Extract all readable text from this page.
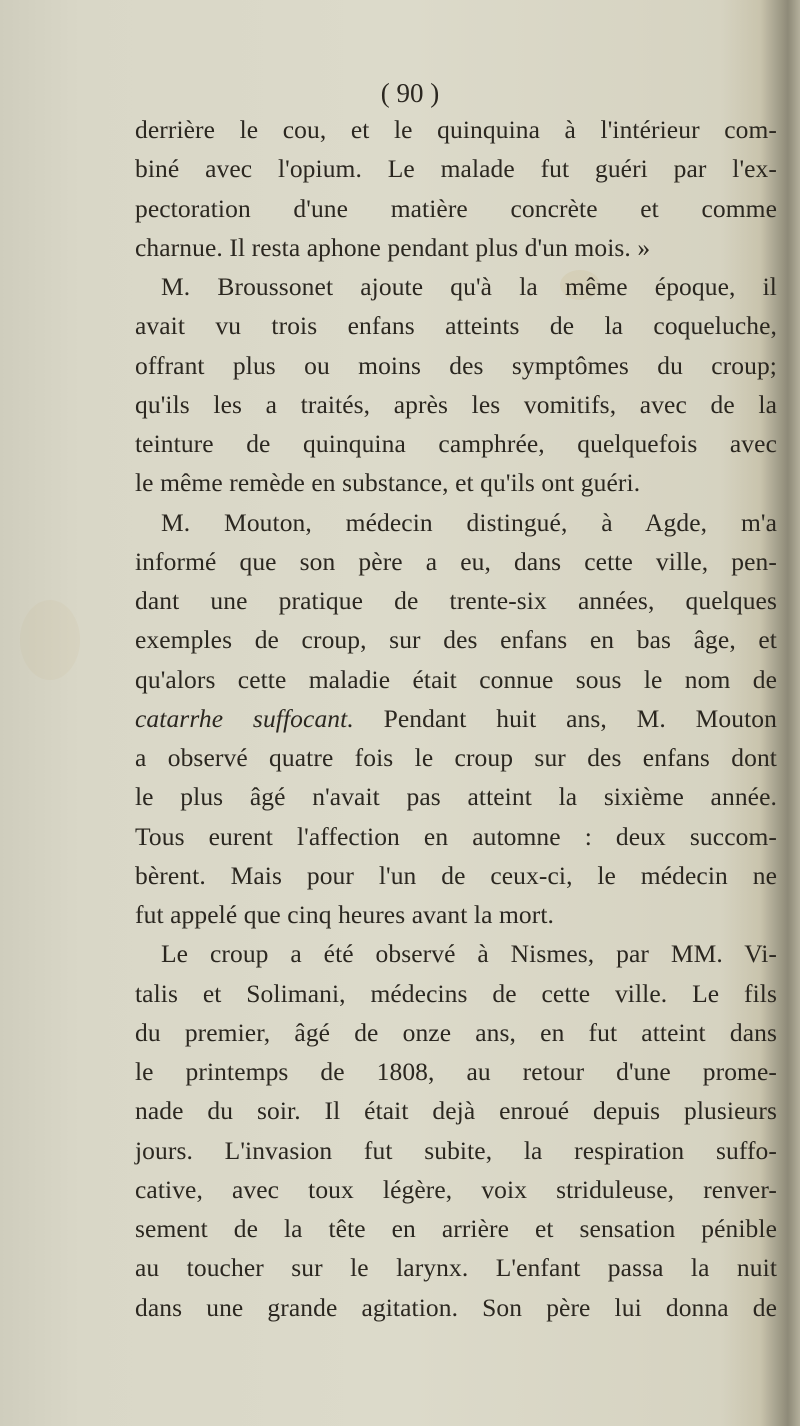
( 90 )
derrière le cou, et le quinquina à l'intérieur com-
biné avec l'opium. Le malade fut guéri par l'ex-
pectoration d'une matière concrète et comme
charnue. Il resta aphone pendant plus d'un mois. »
M. Broussonet ajoute qu'à la même époque, il
avait vu trois enfans atteints de la coqueluche,
offrant plus ou moins des symptômes du croup;
qu'ils les a traités, après les vomitifs, avec de la
teinture de quinquina camphrée, quelquefois avec
le même remède en substance, et qu'ils ont guéri.
M. Mouton, médecin distingué, à Agde, m'a
informé que son père a eu, dans cette ville, pen-
dant une pratique de trente-six années, quelques
exemples de croup, sur des enfans en bas âge, et
qu'alors cette maladie était connue sous le nom de
catarrhe suffocant. Pendant huit ans, M. Mouton
a observé quatre fois le croup sur des enfans dont
le plus âgé n'avait pas atteint la sixième année.
Tous eurent l'affection en automne : deux succom-
bèrent. Mais pour l'un de ceux-ci, le médecin ne
fut appelé que cinq heures avant la mort.
Le croup a été observé à Nismes, par MM. Vi-
talis et Solimani, médecins de cette ville. Le fils
du premier, âgé de onze ans, en fut atteint dans
le printemps de 1808, au retour d'une prome-
nade du soir. Il était dejà enroué depuis plusieurs
jours. L'invasion fut subite, la respiration suffo-
cative, avec toux légère, voix striduleuse, renver-
sement de la tête en arrière et sensation pénible
au toucher sur le larynx. L'enfant passa la nuit
dans une grande agitation. Son père lui donna de
